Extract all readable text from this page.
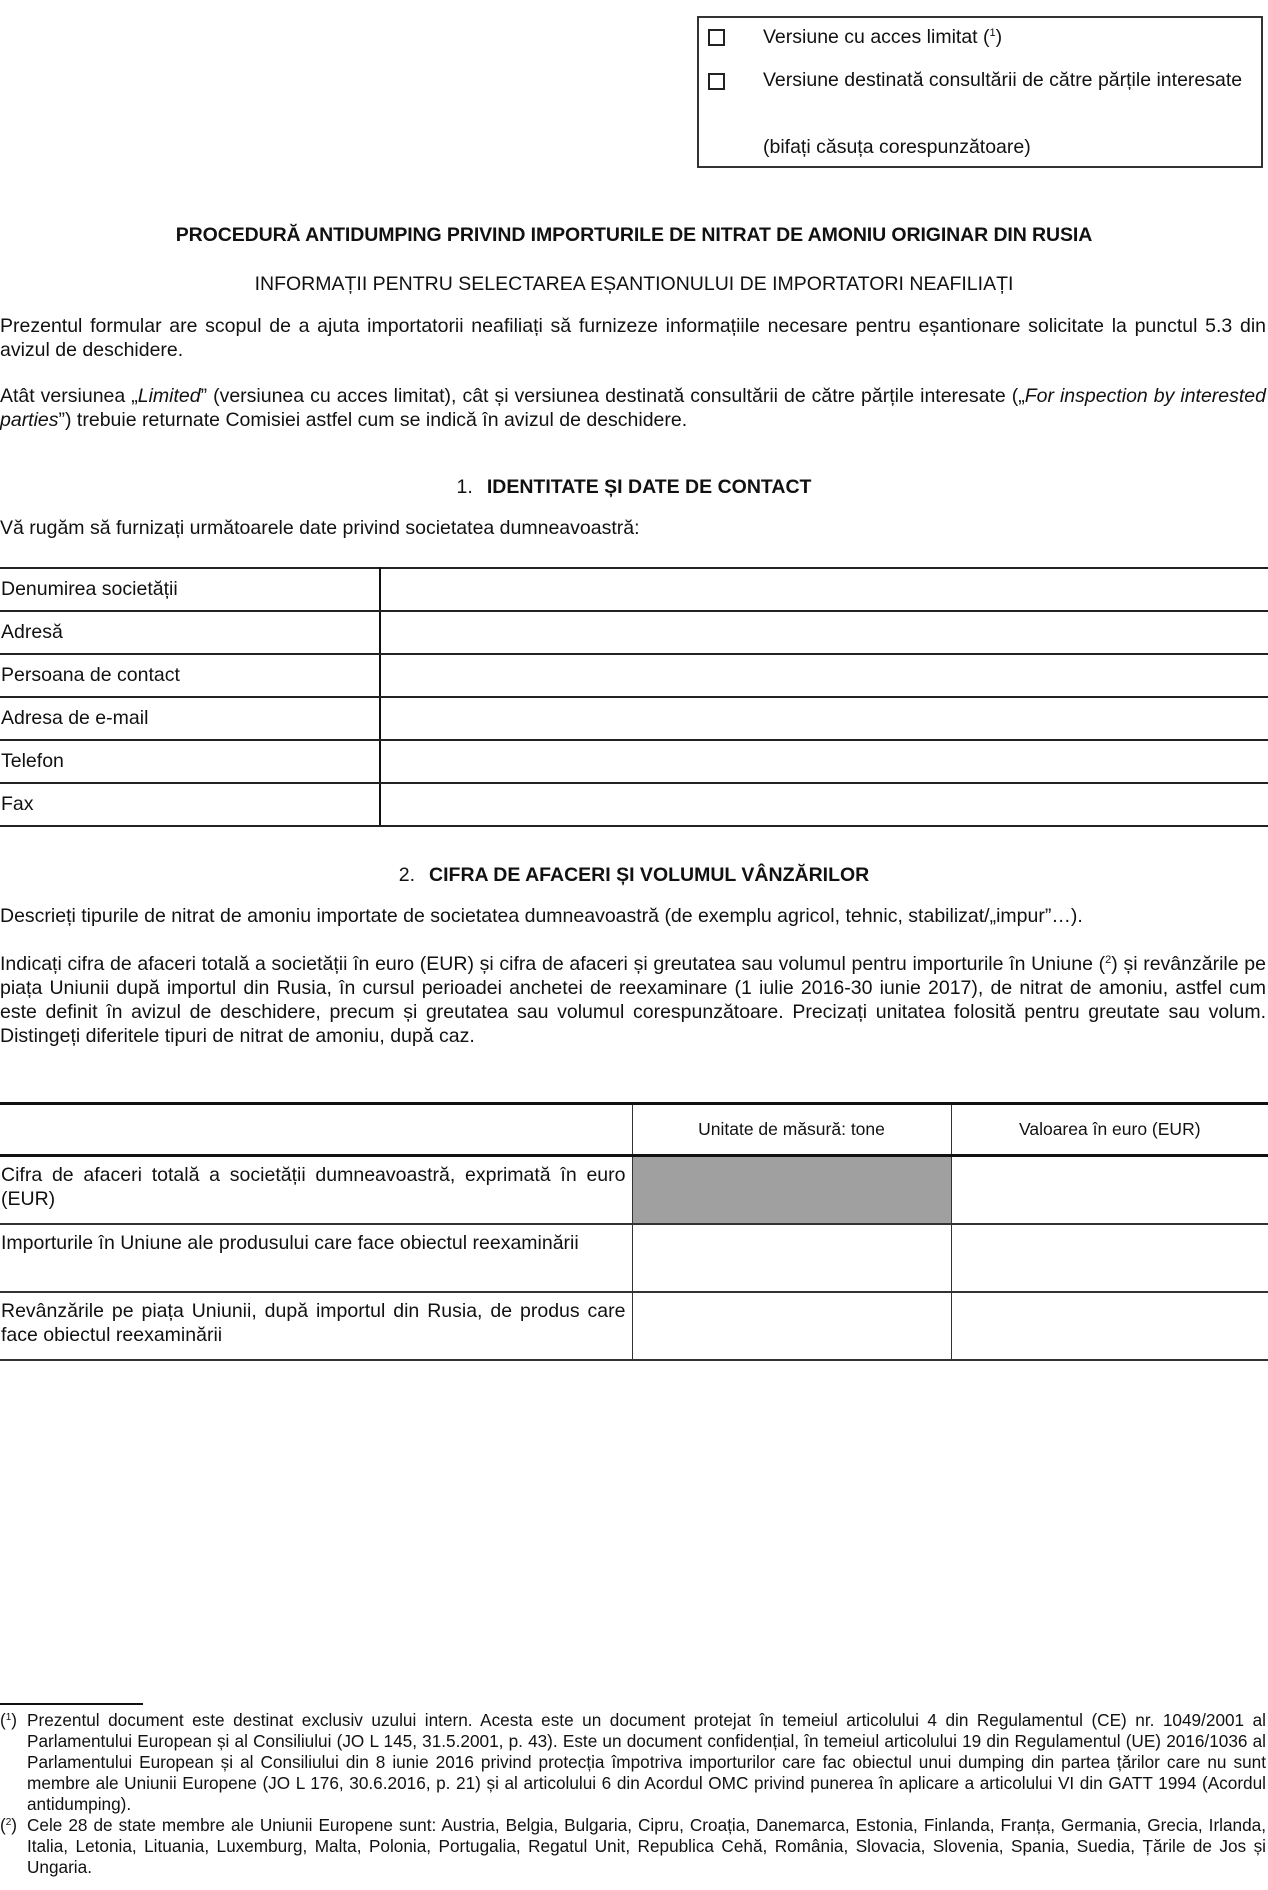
Versiune cu acces limitat ($^1$)
Versiune destinată consultării de către părțile interesate
(bifați căsuța corespunzătoare)
PROCEDURĂ ANTIDUMPING PRIVIND IMPORTURILE DE NITRAT DE AMONIU ORIGINAR DIN RUSIA
INFORMAȚII PENTRU SELECTAREA EȘANTIONULUI DE IMPORTATORI NEAFILIAȚI
Prezentul formular are scopul de a ajuta importatorii neafiliați să furnizeze informațiile necesare pentru eșantionare solicitate la punctul 5.3 din avizul de deschidere.
Atât versiunea „Limited” (versiunea cu acces limitat), cât și versiunea destinată consultării de către părțile interesate („For inspection by interested parties”) trebuie returnate Comisiei astfel cum se indică în avizul de deschidere.
1. IDENTITATE ȘI DATE DE CONTACT
Vă rugăm să furnizați următoarele date privind societatea dumneavoastră:
Denumirea societății	
Adresă	
Persoana de contact	
Adresa de e-mail	
Telefon	
Fax	
2. CIFRA DE AFACERI ȘI VOLUMUL VÂNZĂRILOR
Descrieți tipurile de nitrat de amoniu importate de societatea dumneavoastră (de exemplu agricol, tehnic, stabilizat/„impur”…).
Indicați cifra de afaceri totală a societății în euro (EUR) și cifra de afaceri și greutatea sau volumul pentru importurile în Uniune ($^2$) și revânzările pe piața Uniunii după importul din Rusia, în cursul perioadei anchetei de reexaminare (1 iulie 2016-30 iunie 2017), de nitrat de amoniu, astfel cum este definit în avizul de deschidere, precum și greutatea sau volumul corespunzătoare. Precizați unitatea folosită pentru greutate sau volum. Distingeți diferitele tipuri de nitrat de amoniu, după caz.
	Unitate de măsură: tone	Valoarea în euro (EUR)
Cifra de afaceri totală a societății dumneavoastră, exprimată în euro (EUR)		
Importurile în Uniune ale produsului care face obiectul reexaminării		
Revânzările pe piața Uniunii, după importul din Rusia, de produs care face obiectul reexaminării		
($^1$) Prezentul document este destinat exclusiv uzului intern. Acesta este un document protejat în temeiul articolului 4 din Regulamentul (CE) nr. 1049/2001 al Parlamentului European și al Consiliului (JO L 145, 31.5.2001, p. 43). Este un document confidențial, în temeiul articolului 19 din Regulamentul (UE) 2016/1036 al Parlamentului European și al Consiliului din 8 iunie 2016 privind protecția împotriva importurilor care fac obiectul unui dumping din partea țărilor care nu sunt membre ale Uniunii Europene (JO L 176, 30.6.2016, p. 21) și al articolului 6 din Acordul OMC privind punerea în aplicare a articolului VI din GATT 1994 (Acordul antidumping).
($^2$) Cele 28 de state membre ale Uniunii Europene sunt: Austria, Belgia, Bulgaria, Cipru, Croația, Danemarca, Estonia, Finlanda, Franța, Germania, Grecia, Irlanda, Italia, Letonia, Lituania, Luxemburg, Malta, Polonia, Portugalia, Regatul Unit, Republica Cehă, România, Slovacia, Slovenia, Spania, Suedia, Țările de Jos și Ungaria.
